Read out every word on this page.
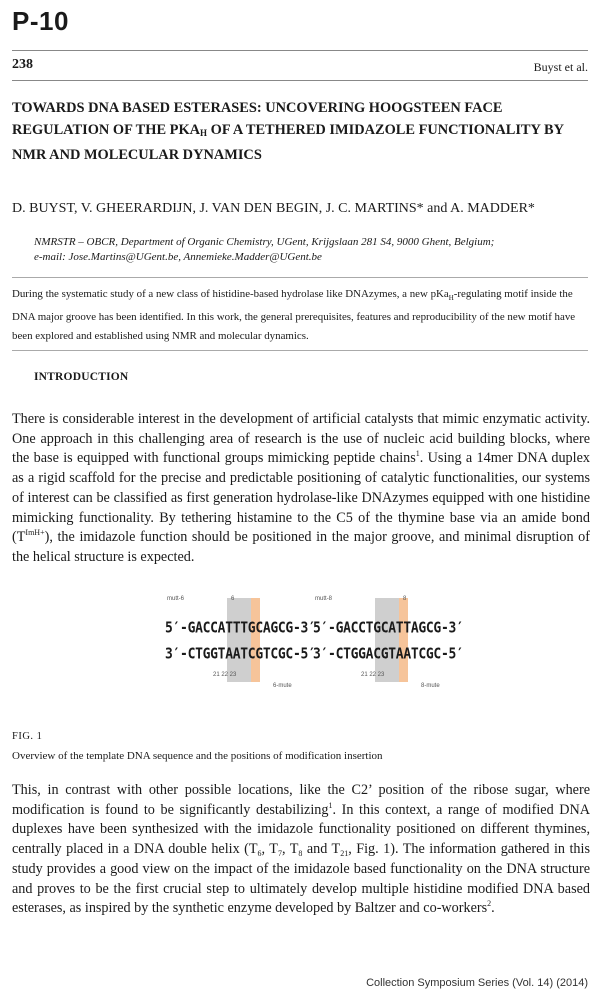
P-10
238	Buyst et al.
TOWARDS DNA BASED ESTERASES: UNCOVERING HOOGSTEEN FACE REGULATION OF THE $PKA_H$ OF A TETHERED IMIDAZOLE FUNCTIONALITY BY NMR AND MOLECULAR DYNAMICS
D. BUYST, V. GHEERARDIJN, J. VAN DEN BEGIN, J. C. MARTINS* and A. MADDER*
NMRSTR – OBCR, Department of Organic Chemistry, UGent, Krijgslaan 281 S4, 9000 Ghent, Belgium;
e-mail: Jose.Martins@UGent.be, Annemieke.Madder@UGent.be
During the systematic study of a new class of histidine-based hydrolase like DNAzymes, a new pKa$_H$-regulating motif inside the DNA major groove has been identified. In this work, the general prerequisites, features and reproducibility of the new motif have been explored and established using NMR and molecular dynamics.
INTRODUCTION
There is considerable interest in the development of artificial catalysts that mimic enzymatic activity. One approach in this challenging area of research is the use of nucleic acid building blocks, where the base is equipped with functional groups mimicking peptide chains$^1$. Using a 14mer DNA duplex as a rigid scaffold for the precise and predictable positioning of catalytic functionalities, our systems of interest can be classified as first generation hydrolase-like DNAzymes equipped with one histidine mimicking functionality. By tethering histamine to the C5 of the thymine base via an amide bond $(T^{ImH+})$, the imidazole function should be positioned in the major groove, and minimal disruption of the helical structure is expected.
mutt-6	6
5′-GACCATTTGCAGCG-3′
3′-CTGGTAATCGTCGC-5′
21 22 23
6-mute
mutt-8	8
5′-GACCTGCATTAGCG-3′
3′-CTGGACGTAATCGC-5′
21 22 23
8-mute
FIG. 1
Overview of the template DNA sequence and the positions of modification insertion
This, in contrast with other possible locations, like the C2’ position of the ribose sugar, where modification is found to be significantly destabilizing$^1$. In this context, a range of modified DNA duplexes have been synthesized with the imidazole functionality positioned on different thymines, centrally placed in a DNA double helix ($T_6$, $T_7$, $T_8$ and $T_{21}$, Fig. 1). The information gathered in this study provides a good view on the impact of the imidazole based functionality on the DNA structure and proves to be the first crucial step to ultimately develop multiple histidine modified DNA based esterases, as inspired by the synthetic enzyme developed by Baltzer and co-workers$^2$.
Collection Symposium Series (Vol. 14) (2014)
